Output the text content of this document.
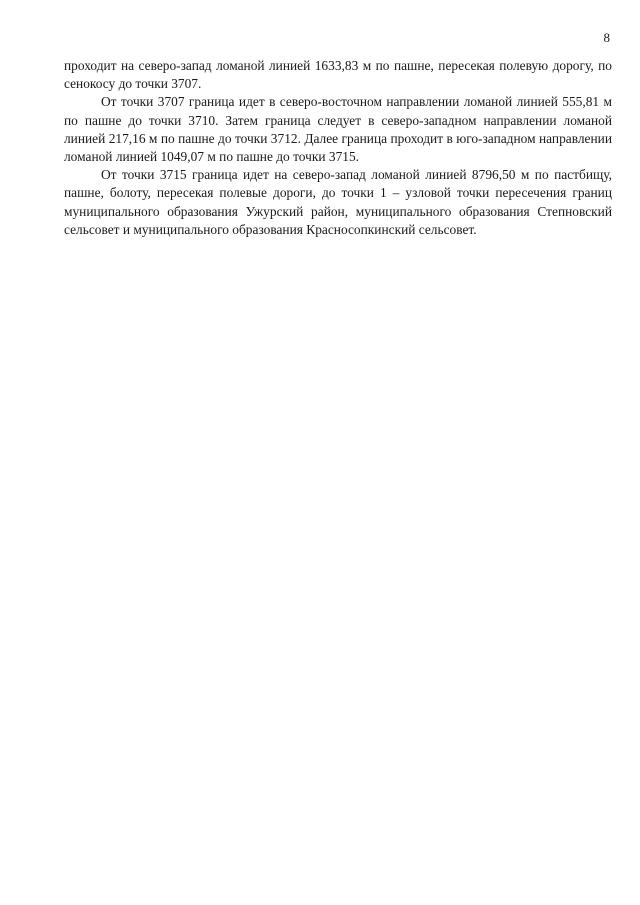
8

проходит на северо-запад ломаной линией 1633,83 м по пашне, пересекая полевую дорогу, по сенокосу до точки 3707.

От точки 3707 граница идет в северо-восточном направлении ломаной линией 555,81 м по пашне до точки 3710. Затем граница следует в северо-западном направлении ломаной линией 217,16 м по пашне до точки 3712. Далее граница проходит в юго-западном направлении ломаной линией 1049,07 м по пашне до точки 3715.

От точки 3715 граница идет на северо-запад ломаной линией 8796,50 м по пастбищу, пашне, болоту, пересекая полевые дороги, до точки 1 – узловой точки пересечения границ муниципального образования Ужурский район, муниципального образования Степновский сельсовет и муниципального образования Красносопкинский сельсовет.
